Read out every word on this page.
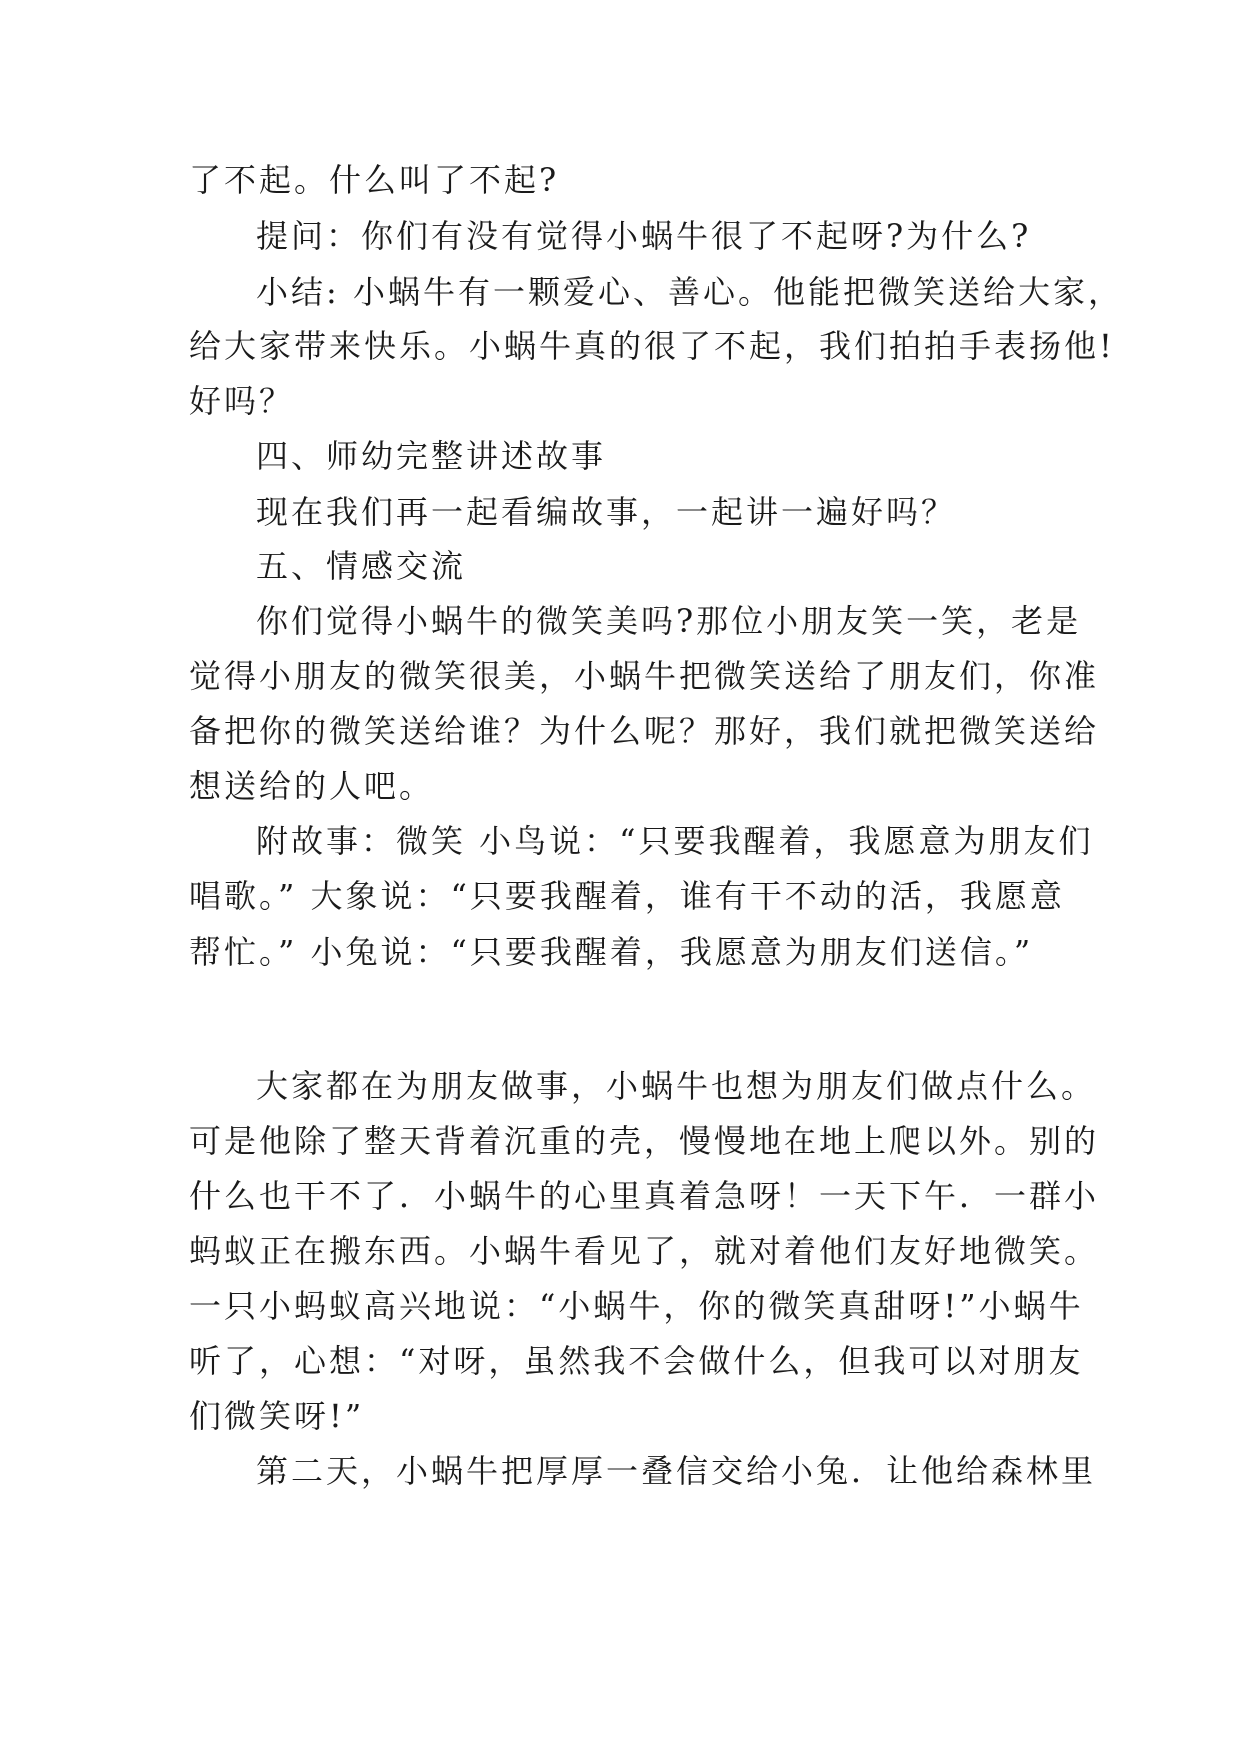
了不起。什么叫了不起?
提问：你们有没有觉得小蜗牛很了不起呀?为什么?
小结: 小蜗牛有一颗爱心、善心。他能把微笑送给大家，
给大家带来快乐。小蜗牛真的很了不起，我们拍拍手表扬他!
好吗？
四、师幼完整讲述故事
现在我们再一起看编故事，一起讲一遍好吗？
五、情感交流
你们觉得小蜗牛的微笑美吗?那位小朋友笑一笑，老是
觉得小朋友的微笑很美，小蜗牛把微笑送给了朋友们，你准
备把你的微笑送给谁？为什么呢？那好，我们就把微笑送给
想送给的人吧。
附故事：微笑 小鸟说：“只要我醒着，我愿意为朋友们
唱歌。” 大象说：“只要我醒着，谁有干不动的活，我愿意
帮忙。” 小兔说：“只要我醒着，我愿意为朋友们送信。”
大家都在为朋友做事，小蜗牛也想为朋友们做点什么。
可是他除了整天背着沉重的壳，慢慢地在地上爬以外。别的
什么也干不了．小蜗牛的心里真着急呀！一天下午．一群小
蚂蚁正在搬东西。小蜗牛看见了，就对着他们友好地微笑。
一只小蚂蚁高兴地说：“小蜗牛，你的微笑真甜呀!”小蜗牛
听了，心想：“对呀，虽然我不会做什么，但我可以对朋友
们微笑呀!”
第二天，小蜗牛把厚厚一叠信交给小兔．让他给森林里
